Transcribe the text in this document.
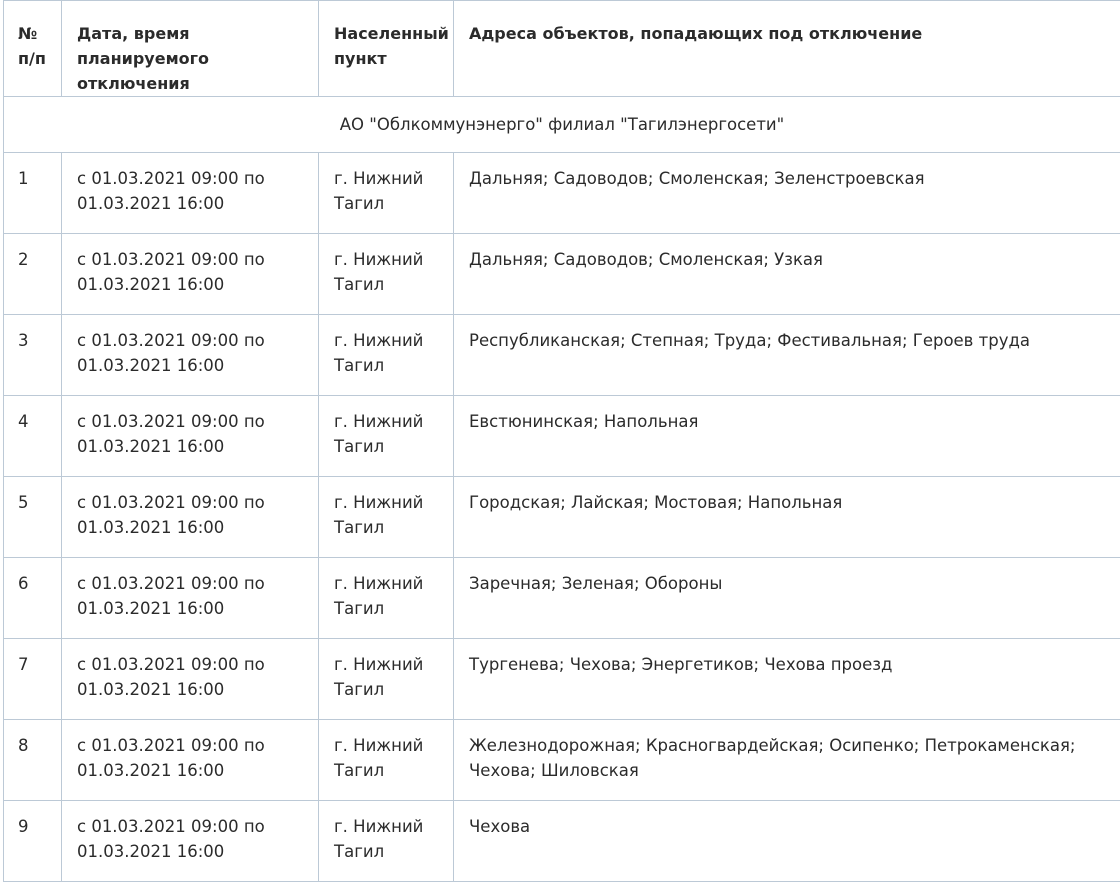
№ п/п	Дата, время планируемого отключения	Населенный пункт	Адреса объектов, попадающих под отключение
АО "Облкоммунэнерго" филиал "Тагилэнергосети"			
1	с 01.03.2021 09:00 по 01.03.2021 16:00	г. Нижний Тагил	Дальняя; Садоводов; Смоленская; Зеленстроевская
2	с 01.03.2021 09:00 по 01.03.2021 16:00	г. Нижний Тагил	Дальняя; Садоводов; Смоленская; Узкая
3	с 01.03.2021 09:00 по 01.03.2021 16:00	г. Нижний Тагил	Республиканская; Степная; Труда; Фестивальная; Героев труда
4	с 01.03.2021 09:00 по 01.03.2021 16:00	г. Нижний Тагил	Евстюнинская; Напольная
5	с 01.03.2021 09:00 по 01.03.2021 16:00	г. Нижний Тагил	Городская; Лайская; Мостовая; Напольная
6	с 01.03.2021 09:00 по 01.03.2021 16:00	г. Нижний Тагил	Заречная; Зеленая; Обороны
7	с 01.03.2021 09:00 по 01.03.2021 16:00	г. Нижний Тагил	Тургенева; Чехова; Энергетиков; Чехова проезд
8	с 01.03.2021 09:00 по 01.03.2021 16:00	г. Нижний Тагил	Железнодорожная; Красногвардейская; Осипенко; Петрокаменская; Чехова; Шиловская
9	с 01.03.2021 09:00 по 01.03.2021 16:00	г. Нижний Тагил	Чехова
